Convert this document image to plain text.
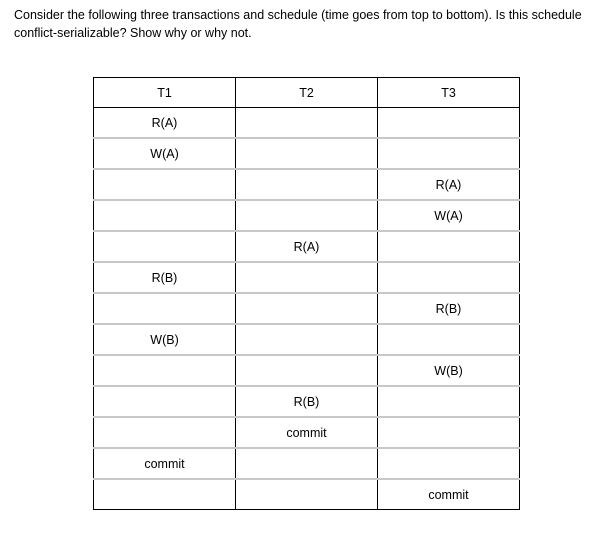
Consider the following three transactions and schedule (time goes from top to bottom). Is this schedule conflict-serializable? Show why or why not.

T1	T2	T3
R(A)		
W(A)		
		R(A)
		W(A)
	R(A)	
R(B)		
		R(B)
W(B)		
		W(B)
	R(B)	
	commit	
commit		
		commit
